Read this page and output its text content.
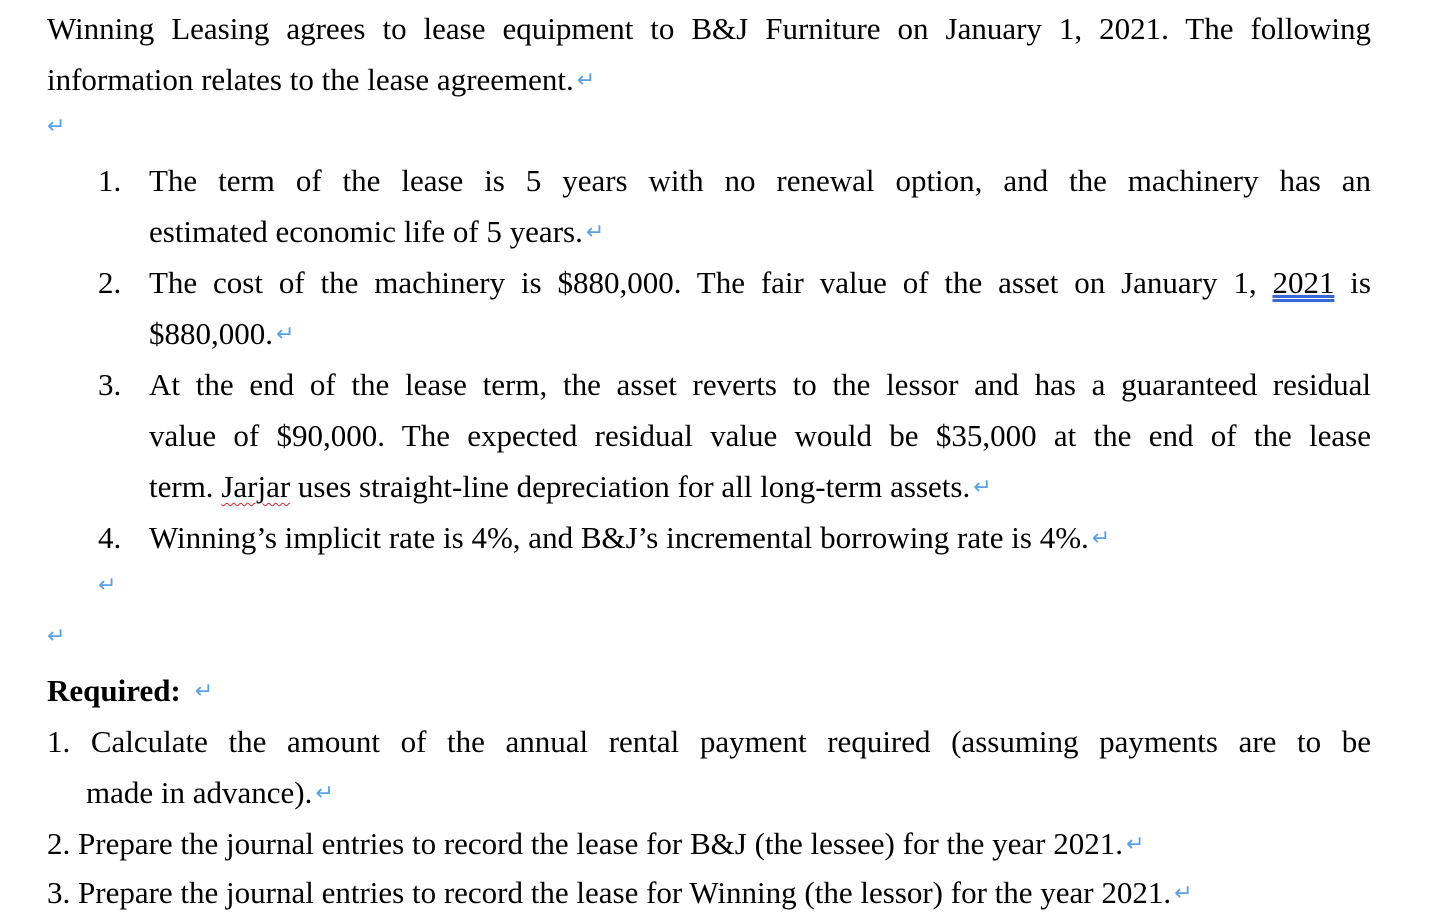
Winning Leasing agrees to lease equipment to B&J Furniture on January 1, 2021. The following
information relates to the lease agreement. ↵
↵
1. The term of the lease is 5 years with no renewal option, and the machinery has an
estimated economic life of 5 years. ↵
2. The cost of the machinery is $880,000. The fair value of the asset on January 1, 2021 is
$880,000. ↵
3. At the end of the lease term, the asset reverts to the lessor and has a guaranteed residual
value of $90,000. The expected residual value would be $35,000 at the end of the lease
term. Jarjar uses straight-line depreciation for all long-term assets. ↵
4. Winning’s implicit rate is 4%, and B&J’s incremental borrowing rate is 4%. ↵
↵
↵
Required: ↵
1. Calculate the amount of the annual rental payment required (assuming payments are to be
made in advance). ↵
2. Prepare the journal entries to record the lease for B&J (the lessee) for the year 2021. ↵
3. Prepare the journal entries to record the lease for Winning (the lessor) for the year 2021. ↵
